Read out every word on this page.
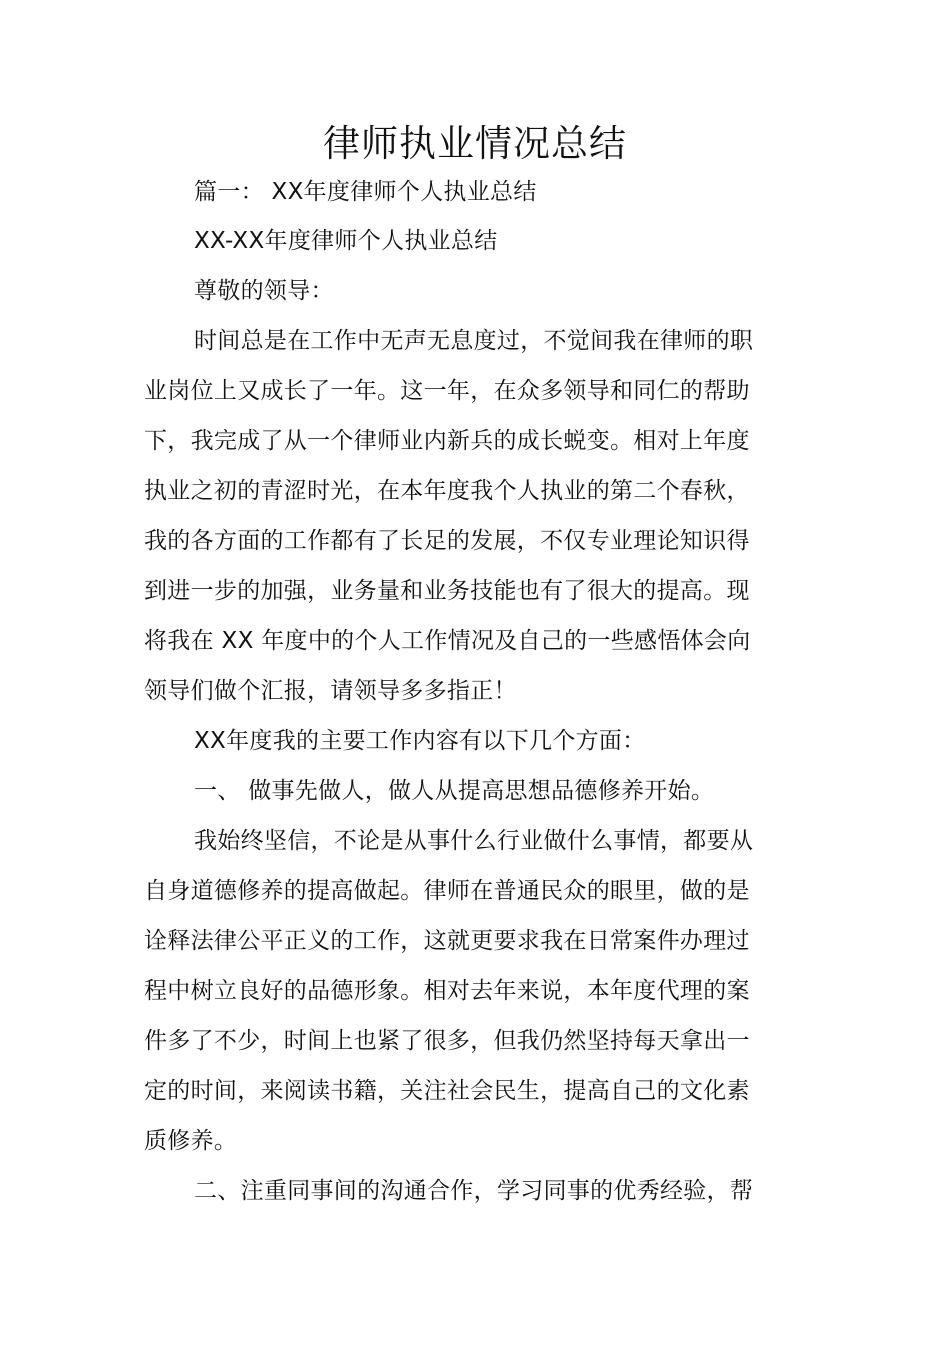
律师执业情况总结
篇一： XX年度律师个人执业总结
XX-XX年度律师个人执业总结
尊敬的领导：
时间总是在工作中无声无息度过，不觉间我在律师的职
业岗位上又成长了一年。这一年，在众多领导和同仁的帮助
下，我完成了从一个律师业内新兵的成长蜕变。相对上年度
执业之初的青涩时光，在本年度我个人执业的第二个春秋，
我的各方面的工作都有了长足的发展，不仅专业理论知识得
到进一步的加强，业务量和业务技能也有了很大的提高。现
将我在 XX 年度中的个人工作情况及自己的一些感悟体会向
领导们做个汇报，请领导多多指正！
XX年度我的主要工作内容有以下几个方面：
一、 做事先做人，做人从提高思想品德修养开始。
我始终坚信，不论是从事什么行业做什么事情，都要从
自身道德修养的提高做起。律师在普通民众的眼里，做的是
诠释法律公平正义的工作，这就更要求我在日常案件办理过
程中树立良好的品德形象。相对去年来说，本年度代理的案
件多了不少，时间上也紧了很多，但我仍然坚持每天拿出一
定的时间，来阅读书籍，关注社会民生，提高自己的文化素
质修养。
二、注重同事间的沟通合作，学习同事的优秀经验，帮
